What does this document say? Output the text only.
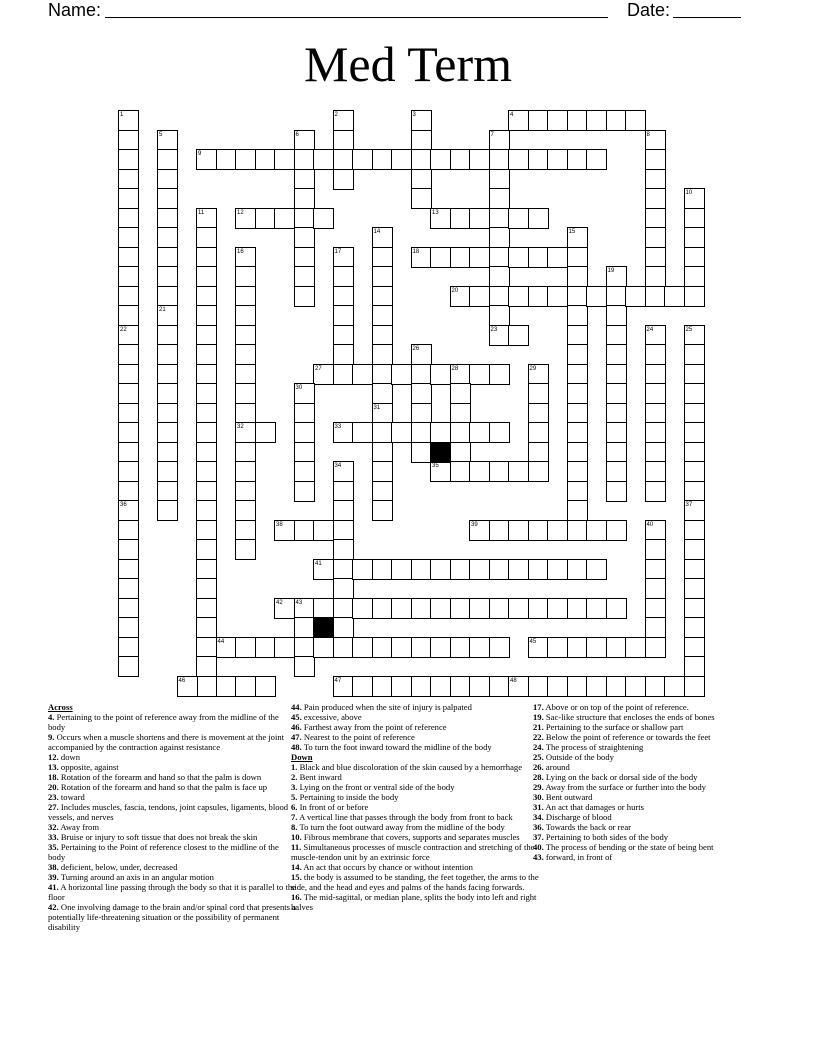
Name:	Date:
Med Term
1	2	3	4
5	6	7	8
9
10
11	12	13
14	15
16	17	18
19
20
21
22	23	24	25
26
27	28	29
30
31
32	33
34	35
36	37
38	39	40
41
42 43
44	45
46	47	48
Across
4. Pertaining to the point of reference away from the midline of the body
9. Occurs when a muscle shortens and there is movement at the joint accompanied by the contraction against resistance
12. down
13. opposite, against
18. Rotation of the forearm and hand so that the palm is down
20. Rotation of the forearm and hand so that the palm is face up
23. toward
27. Includes muscles, fascia, tendons, joint capsules, ligaments, blood vessels, and nerves
32. Away from
33. Bruise or injury to soft tissue that does not break the skin
35. Pertaining to the Point of reference closest to the midline of the body
38. deficient, below, under, decreased
39. Turning around an axis in an angular motion
41. A horizontal line passing through the body so that it is parallel to the floor
42. One involving damage to the brain and/or spinal cord that presents a potentially life-threatening situation or the possibility of permanent disability
44. Pain produced when the site of injury is palpated
45. excessive, above
46. Farthest away from the point of reference
47. Nearest to the point of reference
48. To turn the foot inward toward the midline of the body
Down
1. Black and blue discoloration of the skin caused by a hemorrhage
2. Bent inward
3. Lying on the front or ventral side of the body
5. Pertaining to inside the body
6. In front of or before
7. A vertical line that passes through the body from front to back
8. To turn the foot outward away from the midline of the body
10. Fibrous membrane that covers, supports and separates muscles
11. Simultaneous processes of muscle contraction and stretching of the muscle-tendon unit by an extrinsic force
14. An act that occurs by chance or without intention
15. the body is assumed to be standing, the feet together, the arms to the side, and the head and eyes and palms of the hands facing forwards.
16. The mid-sagittal, or median plane, splits the body into left and right halves
17. Above or on top of the point of reference.
19. Sac-like structure that encloses the ends of bones
21. Pertaining to the surface or shallow part
22. Below the point of reference or towards the feet
24. The process of straightening
25. Outside of the body
26. around
28. Lying on the back or dorsal side of the body
29. Away from the surface or further into the body
30. Bent outward
31. An act that damages or hurts
34. Discharge of blood
36. Towards the back or rear
37. Pertaining to both sides of the body
40. The process of bending or the state of being bent
43. forward, in front of
